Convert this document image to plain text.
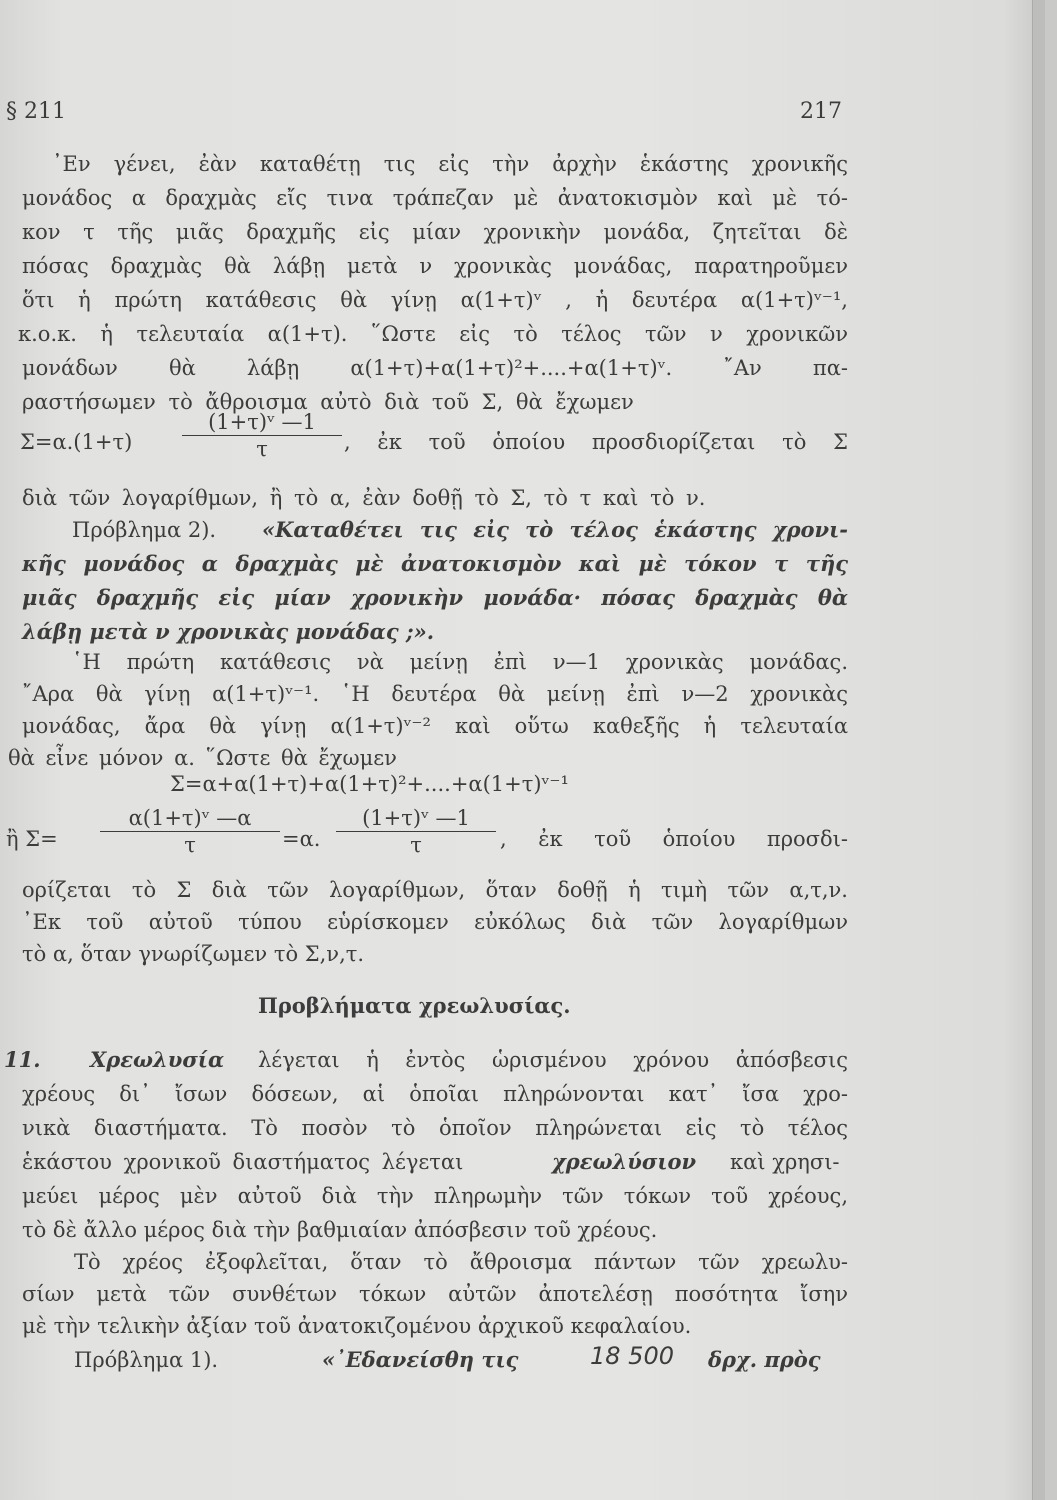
§ 211	217
᾿Εν γένει, ἐὰν καταθέτῃ τις εἰς τὴν ἀρχὴν ἑκάστης χρονικῆς
μονάδος α δραχμὰς εἴς τινα τράπεζαν μὲ ἀνατοκισμὸν καὶ μὲ τό-
κον τ τῆς μιᾶς δραχμῆς εἰς μίαν χρονικὴν μονάδα, ζητεῖται δὲ
πόσας δραχμὰς θὰ λάβῃ μετὰ ν χρονικὰς μονάδας, παρατηροῦμεν
ὅτι ἡ πρώτη κατάθεσις θὰ γίνῃ α(1+τ)ᵛ , ἡ δευτέρα α(1+τ)ᵛ⁻¹,
κ.ο.κ. ἡ τελευταία α(1+τ). ῞Ωστε εἰς τὸ τέλος τῶν ν χρονικῶν
μονάδων θὰ λάβῃ α(1+τ)+α(1+τ)²+....+α(1+τ)ᵛ. ῎Αν πα-
ραστήσωμεν τὸ ἄθροισμα αὐτὸ διὰ τοῦ Σ, θὰ ἔχωμεν
Σ=α.(1+τ)
(1+τ)ᵛ —1
τ	, ἐκ τοῦ ὁποίου προσδιορίζεται τὸ Σ
διὰ τῶν λογαρίθμων, ἢ τὸ α, ἐὰν δοθῇ τὸ Σ, τὸ τ καὶ τὸ ν.
Πρόβλημα 2). «Καταθέτει τις εἰς τὸ τέλος ἑκάστης χρονι-
κῆς μονάδος α δραχμὰς μὲ ἀνατοκισμὸν καὶ μὲ τόκον τ τῆς
μιᾶς δραχμῆς εἰς μίαν χρονικὴν μονάδα· πόσας δραχμὰς θὰ
λάβῃ μετὰ ν χρονικὰς μονάδας ;».
῾Η πρώτη κατάθεσις νὰ μείνῃ ἐπὶ ν—1 χρονικὰς μονάδας.
῎Αρα θὰ γίνῃ α(1+τ)ᵛ⁻¹. ῾Η δευτέρα θὰ μείνῃ ἐπὶ ν—2 χρονικὰς
μονάδας, ἄρα θὰ γίνῃ α(1+τ)ᵛ⁻² καὶ οὕτω καθεξῆς ἡ τελευταία
θὰ εἶνε μόνον α. ῞Ωστε θὰ ἔχωμεν
Σ=α+α(1+τ)+α(1+τ)²+....+α(1+τ)ᵛ⁻¹
ἢ Σ=
α(1+τ)ᵛ —α
τ	=α.
(1+τ)ᵛ —1
τ	, ἐκ τοῦ ὁποίου προσδι-
ορίζεται τὸ Σ διὰ τῶν λογαρίθμων, ὅταν δοθῇ ἡ τιμὴ τῶν α,τ,ν.
᾿Εκ τοῦ αὐτοῦ τύπου εὑρίσκομεν εὐκόλως διὰ τῶν λογαρίθμων
τὸ α, ὅταν γνωρίζωμεν τὸ Σ,ν,τ.
Προβλήματα χρεωλυσίας.
11. Χρεωλυσία λέγεται ἡ ἐντὸς ὡρισμένου χρόνου ἀπόσβεσις
χρέους δι᾿ ἴσων δόσεων, αἱ ὁποῖαι πληρώνονται κατ᾿ ἴσα χρο-
νικὰ διαστήματα. Τὸ ποσὸν τὸ ὁποῖον πληρώνεται εἰς τὸ τέλος
ἑκάστου χρονικοῦ διαστήματος λέγεται	χρεωλύσιον καὶ χρησι-
μεύει μέρος μὲν αὐτοῦ διὰ τὴν πληρωμὴν τῶν τόκων τοῦ χρέους,
τὸ δὲ ἄλλο μέρος διὰ τὴν βαθμιαίαν ἀπόσβεσιν τοῦ χρέους.
Τὸ χρέος ἐξοφλεῖται, ὅταν τὸ ἄθροισμα πάντων τῶν χρεωλυ-
σίων μετὰ τῶν συνθέτων τόκων αὐτῶν ἀποτελέσῃ ποσότητα ἴσην
μὲ τὴν τελικὴν ἀξίαν τοῦ ἀνατοκιζομένου ἀρχικοῦ κεφαλαίου.
Πρόβλημα 1).	«᾿Εδανείσθη τις	18 500 δρχ. πρὸς
